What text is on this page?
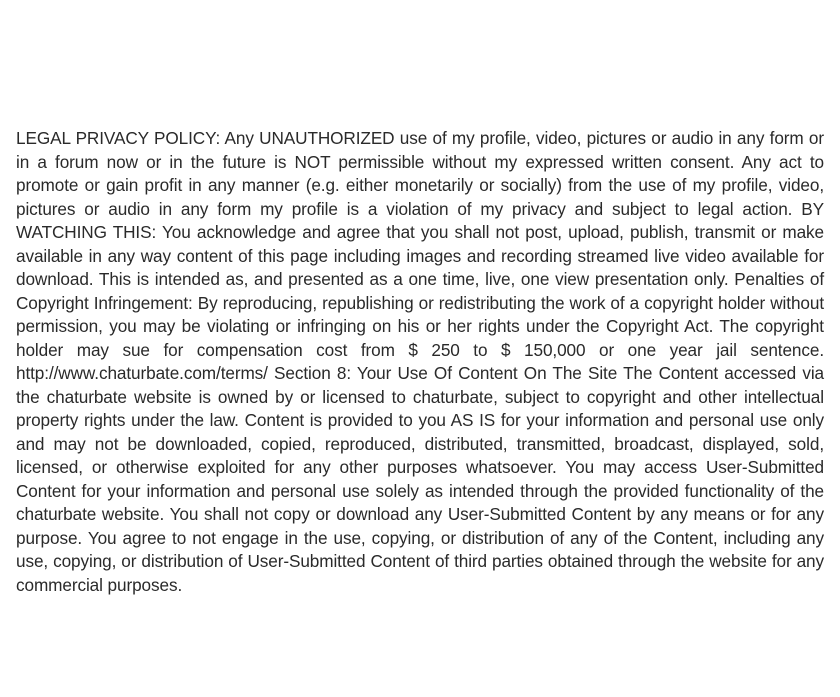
LEGAL PRIVACY POLICY: Any UNAUTHORIZED use of my profile, video, pictures or audio in any form or in a forum now or in the future is NOT permissible without my expressed written consent. Any act to promote or gain profit in any manner (e.g. either monetarily or socially) from the use of my profile, video, pictures or audio in any form my profile is a violation of my privacy and subject to legal action. BY WATCHING THIS: You acknowledge and agree that you shall not post, upload, publish, transmit or make available in any way content of this page including images and recording streamed live video available for download. This is intended as, and presented as a one time, live, one view presentation only. Penalties of Copyright Infringement: By reproducing, republishing or redistributing the work of a copyright holder without permission, you may be violating or infringing on his or her rights under the Copyright Act. The copyright holder may sue for compensation cost from $ 250 to $ 150,000 or one year jail sentence. http://www.chaturbate.com/terms/ Section 8: Your Use Of Content On The Site The Content accessed via the chaturbate website is owned by or licensed to chaturbate, subject to copyright and other intellectual property rights under the law. Content is provided to you AS IS for your information and personal use only and may not be downloaded, copied, reproduced, distributed, transmitted, broadcast, displayed, sold, licensed, or otherwise exploited for any other purposes whatsoever. You may access User-Submitted Content for your information and personal use solely as intended through the provided functionality of the chaturbate website. You shall not copy or download any User-Submitted Content by any means or for any purpose. You agree to not engage in the use, copying, or distribution of any of the Content, including any use, copying, or distribution of User-Submitted Content of third parties obtained through the website for any commercial purposes.
